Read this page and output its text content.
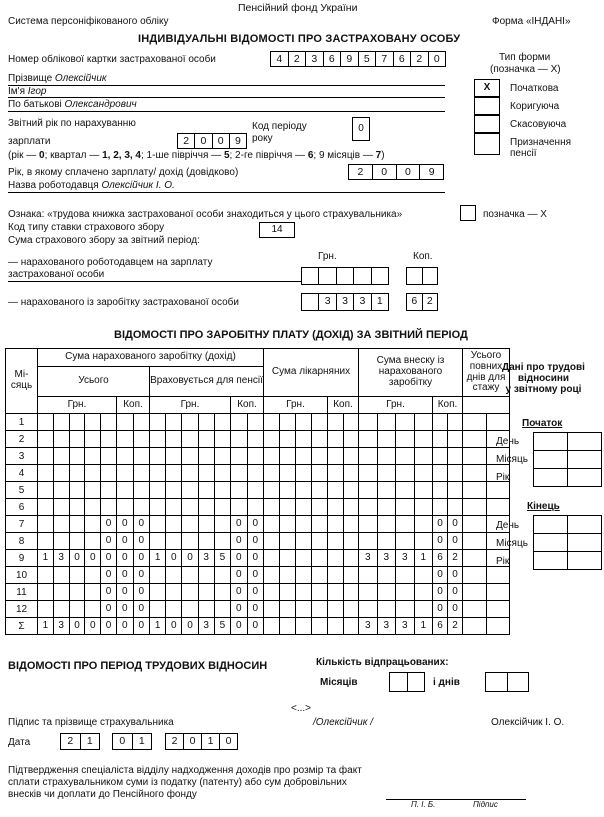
Пенсійний фонд України
Система персоніфікованого обліку	Форма «ІНДАНІ»
ІНДИВІДУАЛЬНІ ВІДОМОСТІ ПРО ЗАСТРАХОВАНУ ОСОБУ
Номер облікової картки застрахованої особи	4	2	3	6	9	5	7	6	2	0	Тип форми
(позначка — Х)
Х	Початкова
Коригуюча
Скасовуюча
Призначення пенсії
Прізвище Олексійчик
Ім'я Ігор
По батькові Олександрович
Звітний рік по нарахуванню
зарплати	2	0	0	9
Код періоду
року
0
(рік — 0; квартал — 1, 2, 3, 4; 1-ше півріччя — 5; 2-ге півріччя — 6; 9 місяців — 7)
Рік, в якому сплачено зарплату/ дохід (довідково)	2	0	0	9
Назва роботодавця Олексійчик І. О.
Ознака: «трудова книжка застрахованої особи знаходиться у цього страхувальника»	позначка — Х
Код типу ставки страхового збору	14
Сума страхового збору за звітний період:
Грн.	Коп.
— нарахованого роботодавцем на зарплату
застрахованої особи
— нарахованого із заробітку застрахованої особи	3	3	3	1	6 2
ВІДОМОСТІ ПРО ЗАРОБІТНУ ПЛАТУ (ДОХІД) ЗА ЗВІТНИЙ ПЕРІОД
Мі-сяць	Сума нарахованого заробітку (дохід)				Сума лікарняних		Сума внеску із нарахованого заробітку		Усього повних днів для стажу
	Усього		Враховується для пенсії						
	Грн.	Коп.	Грн.	Коп.	Грн.	Коп.	Грн.	Коп.	
1	

2	

3	

4	

5	

6	

7	0	0 0		0 0				0 0	

8	0	0 0		0 0				0 0	

9	1 3 0 0 0	0 0	1 0 0 3 5	0 0			3 3 3 1	6 2	

10	0	0 0		0 0				0 0	

11	0	0 0		0 0				0 0	

12	0	0 0		0 0				0 0	

Σ	1 3 0 0 0	0 0	1 0 0 3 5	0 0			3 3 3 1	6 2	

Дані про трудові
відносини
у звітному році
Початок
День
Місяць
Рік

Кінець
День
Місяць
Рік

ВІДОМОСТІ ПРО ПЕРІОД ТРУДОВИХ ВІДНОСИН	Кількість відпрацьованих:
Місяців	і днів
<...>
Підпис та прізвище страхувальника	/Олексійчик /	Олексійчик І. О.
Дата	2	1	0	1	2	0	1	0
Підтвердження спеціаліста відділу надходження доходів про розмір та факт
сплати страхувальником суми із податку (патенту) або сум добровільних
внесків чи доплати до Пенсійного фонду
П. І. Б.	Підпис
